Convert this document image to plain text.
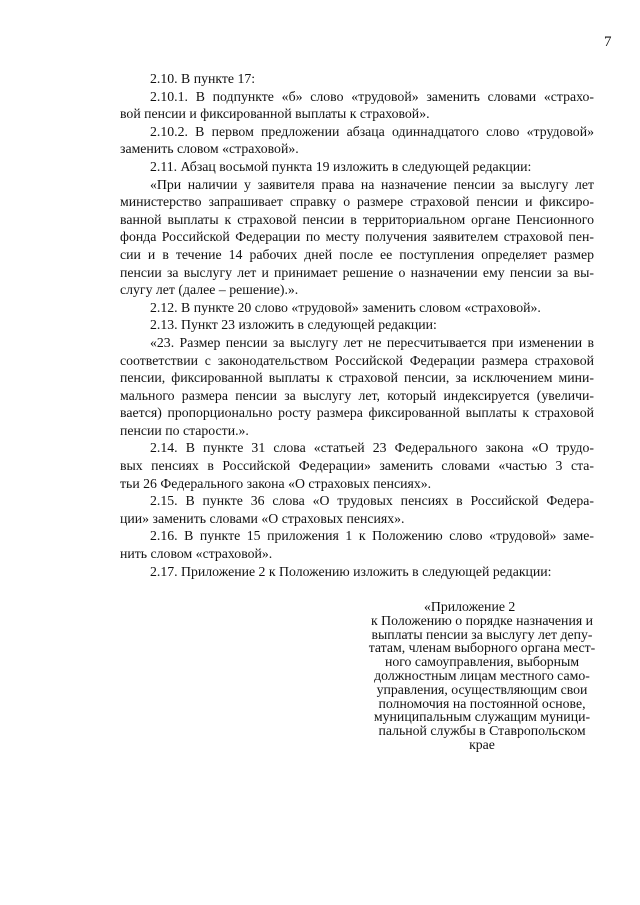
7
2.10. В пункте 17:
2.10.1. В подпункте «б» слово «трудовой» заменить словами «страхо-
вой пенсии и фиксированной выплаты к страховой».
2.10.2. В первом предложении абзаца одиннадцатого слово «трудовой»
заменить словом «страховой».
2.11. Абзац восьмой пункта 19 изложить в следующей редакции:
«При наличии у заявителя права на назначение пенсии за выслугу лет
министерство запрашивает справку о размере страховой пенсии и фиксиро-
ванной выплаты к страховой пенсии в территориальном органе Пенсионного
фонда Российской Федерации по месту получения заявителем страховой пен-
сии и в течение 14 рабочих дней после ее поступления определяет размер
пенсии за выслугу лет и принимает решение о назначении ему пенсии за вы-
слугу лет (далее – решение).».
2.12. В пункте 20 слово «трудовой» заменить словом «страховой».
2.13. Пункт 23 изложить в следующей редакции:
«23. Размер пенсии за выслугу лет не пересчитывается при изменении в
соответствии с законодательством Российской Федерации размера страховой
пенсии, фиксированной выплаты к страховой пенсии, за исключением мини-
мального размера пенсии за выслугу лет, который индексируется (увеличи-
вается) пропорционально росту размера фиксированной выплаты к страховой
пенсии по старости.».
2.14. В пункте 31 слова «статьей 23 Федерального закона «О трудо-
вых пенсиях в Российской Федерации» заменить словами «частью 3 ста-
тьи 26 Федерального закона «О страховых пенсиях».
2.15. В пункте 36 слова «О трудовых пенсиях в Российской Федера-
ции» заменить словами «О страховых пенсиях».
2.16. В пункте 15 приложения 1 к Положению слово «трудовой» заме-
нить словом «страховой».
2.17. Приложение 2 к Положению изложить в следующей редакции:
«Приложение 2
к Положению о порядке назначения и
выплаты пенсии за выслугу лет депу-
татам, членам выборного органа мест-
ного самоуправления, выборным
должностным лицам местного само-
управления, осуществляющим свои
полномочия на постоянной основе,
муниципальным служащим муници-
пальной службы в Ставропольском
крае
